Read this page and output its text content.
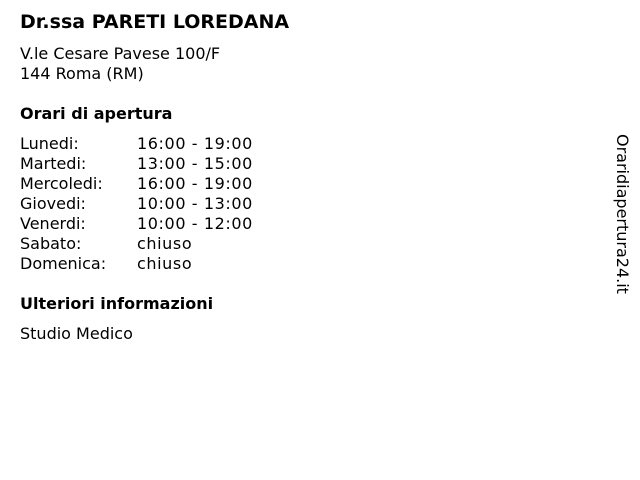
Dr.ssa PARETI LOREDANA
V.le Cesare Pavese 100/F
144 Roma (RM)
Orari di apertura
Lunedi:	16:00 - 19:00
Martedi:	13:00 - 15:00
Mercoledi: 16:00 - 19:00
Giovedi:	10:00 - 13:00
Venerdi:	10:00 - 12:00
Sabato:	chiuso
Domenica: chiuso
Ulteriori informazioni
Studio Medico
Oraridiapertura24.it
